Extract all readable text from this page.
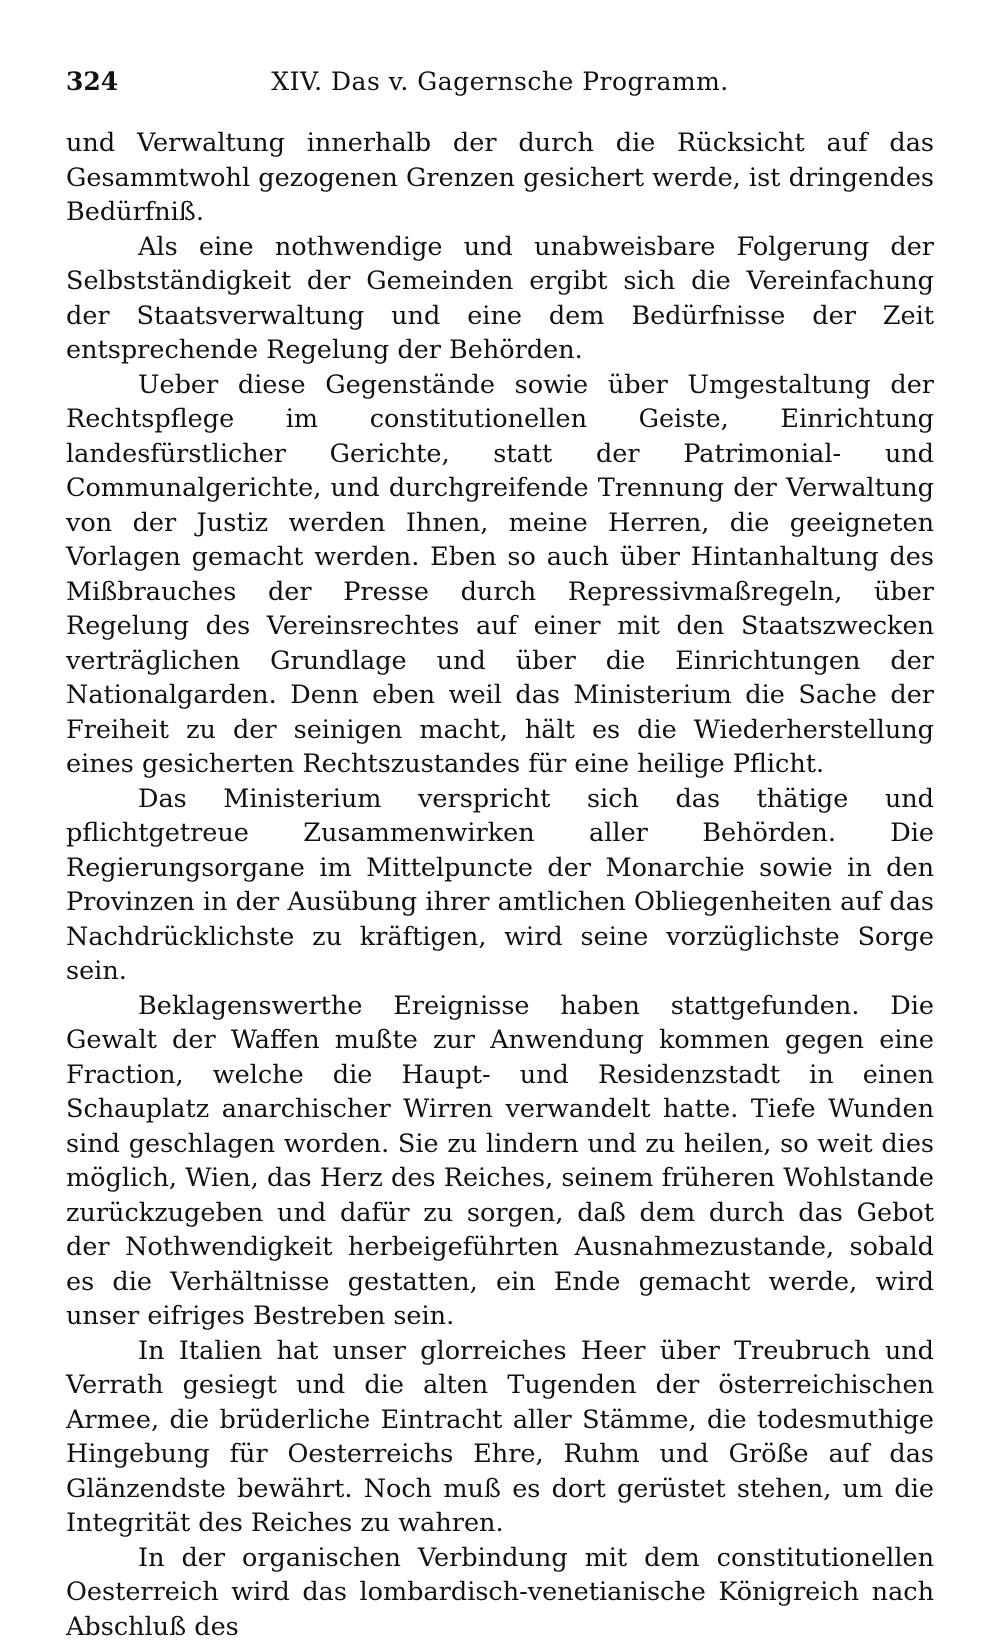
324	XIV. Das v. Gagernsche Programm.

und Verwaltung innerhalb der durch die Rücksicht auf das Gesammtwohl gezogenen Grenzen gesichert werde, ist dringendes Bedürfniß.

Als eine nothwendige und unabweisbare Folgerung der Selbstständigkeit der Gemeinden ergibt sich die Vereinfachung der Staatsverwaltung und eine dem Bedürfnisse der Zeit entsprechende Regelung der Behörden.

Ueber diese Gegenstände sowie über Umgestaltung der Rechtspflege im constitutionellen Geiste, Einrichtung landesfürstlicher Gerichte, statt der Patrimonial- und Communalgerichte, und durchgreifende Trennung der Verwaltung von der Justiz werden Ihnen, meine Herren, die geeigneten Vorlagen gemacht werden. Eben so auch über Hintanhaltung des Mißbrauches der Presse durch Repressivmaßregeln, über Regelung des Vereinsrechtes auf einer mit den Staatszwecken verträglichen Grundlage und über die Einrichtungen der Nationalgarden. Denn eben weil das Ministerium die Sache der Freiheit zu der seinigen macht, hält es die Wiederherstellung eines gesicherten Rechtszustandes für eine heilige Pflicht.

Das Ministerium verspricht sich das thätige und pflichtgetreue Zusammenwirken aller Behörden. Die Regierungsorgane im Mittelpuncte der Monarchie sowie in den Provinzen in der Ausübung ihrer amtlichen Obliegenheiten auf das Nachdrücklichste zu kräftigen, wird seine vorzüglichste Sorge sein.

Beklagenswerthe Ereignisse haben stattgefunden. Die Gewalt der Waffen mußte zur Anwendung kommen gegen eine Fraction, welche die Haupt- und Residenzstadt in einen Schauplatz anarchischer Wirren verwandelt hatte. Tiefe Wunden sind geschlagen worden. Sie zu lindern und zu heilen, so weit dies möglich, Wien, das Herz des Reiches, seinem früheren Wohlstande zurückzugeben und dafür zu sorgen, daß dem durch das Gebot der Nothwendigkeit herbeigeführten Ausnahmezustande, sobald es die Verhältnisse gestatten, ein Ende gemacht werde, wird unser eifriges Bestreben sein.

In Italien hat unser glorreiches Heer über Treubruch und Verrath gesiegt und die alten Tugenden der österreichischen Armee, die brüderliche Eintracht aller Stämme, die todesmuthige Hingebung für Oesterreichs Ehre, Ruhm und Größe auf das Glänzendste bewährt. Noch muß es dort gerüstet stehen, um die Integrität des Reiches zu wahren.

In der organischen Verbindung mit dem constitutionellen Oesterreich wird das lombardisch-venetianische Königreich nach Abschluß des
